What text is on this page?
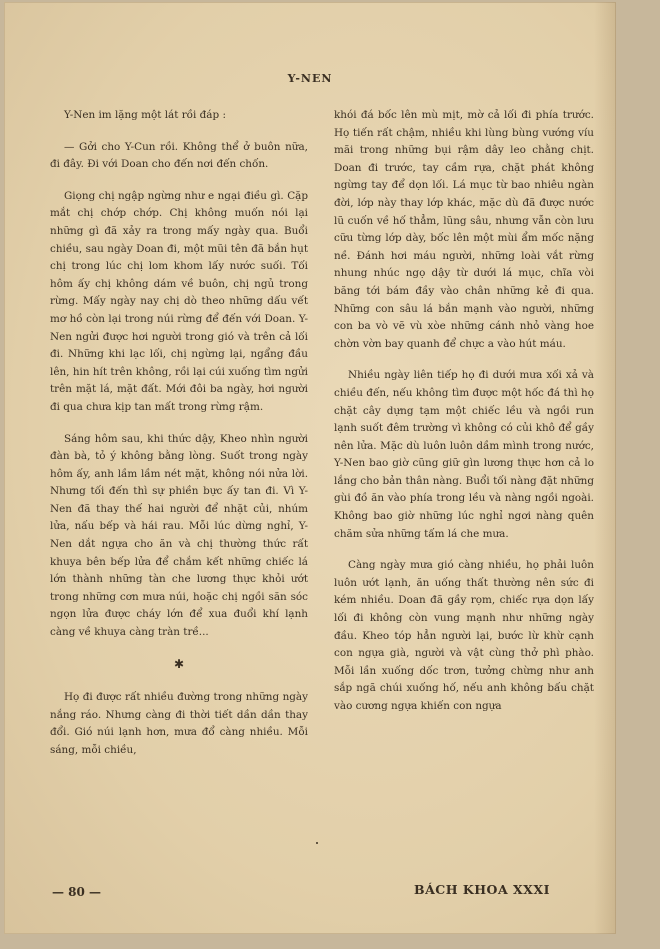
Y-NEN

Y-Nen im lặng một lát rồi đáp :

— Gởi cho Y-Cun rồi. Không thể ở buôn nữa, đi đây. Đi với Doan cho đến nơi đến chốn.

Giọng chị ngập ngừng như e ngại điều gì. Cặp mắt chị chớp chớp. Chị không muốn nói lại những gì đã xảy ra trong mấy ngày qua. Buổi chiều, sau ngày Doan đi, một mũi tên đã bắn hụt chị trong lúc chị lom khom lấy nước suối. Tối hôm ấy chị không dám về buôn, chị ngủ trong rừng. Mấy ngày nay chị dò theo những dấu vết mơ hồ còn lại trong núi rừng để đến với Doan. Y-Nen ngửi được hơi người trong gió và trên cả lối đi. Những khi lạc lối, chị ngừng lại, ngẩng đầu lên, hin hít trên không, rồi lại cúi xuống tìm ngửi trên mặt lá, mặt đất. Mới đôi ba ngày, hơi người đi qua chưa kịp tan mất trong rừng rậm.

Sáng hôm sau, khi thức dậy, Kheo nhìn người đàn bà, tỏ ý không bằng lòng. Suốt trong ngày hôm ấy, anh lầm lầm nét mặt, không nói nửa lời. Nhưng tối đến thì sự phiền bực ấy tan đi. Vì Y-Nen đã thay thế hai người để nhặt củi, nhúm lửa, nấu bếp và hái rau. Mỗi lúc dừng nghỉ, Y-Nen dắt ngựa cho ăn và chị thường thức rất khuya bên bếp lửa để chắm kết những chiếc lá lớn thành những tàn che lương thực khỏi ướt trong những cơn mưa núi, hoặc chị ngồi săn sóc ngọn lửa được cháy lớn để xua đuổi khí lạnh càng về khuya càng tràn trề...

✱

Họ đi được rất nhiều đường trong những ngày nắng ráo. Nhưng càng đi thời tiết dần dần thay đổi. Gió núi lạnh hơn, mưa đổ càng nhiều. Mỗi sáng, mỗi chiều,

khói đá bốc lên mù mịt, mờ cả lối đi phía trước. Họ tiến rất chậm, nhiều khi lùng bùng vướng víu mãi trong những bụi rậm dây leo chằng chịt. Doan đi trước, tay cầm rựa, chặt phát không ngừng tay để dọn lối. Lá mục từ bao nhiêu ngàn đời, lớp này thay lớp khác, mặc dù đã được nước lũ cuốn về hố thẳm, lũng sâu, nhưng vẫn còn lưu cữu từng lớp dày, bốc lên một mùi ẩm mốc nặng nề. Đánh hơi máu người, những loài vắt rừng nhung nhúc ngọ dậy từ dưới lá mục, chĩa vòi băng tới bám đầy vào chân những kẻ đi qua. Những con sâu lá bắn mạnh vào người, những con ba vò vẽ vù xòe những cánh nhỏ vàng hoe chờn vờn bay quanh để chực a vào hút máu.

Nhiều ngày liên tiếp họ đi dưới mưa xối xả và chiều đến, nếu không tìm được một hốc đá thì họ chặt cây dựng tạm một chiếc lều và ngồi run lạnh suốt đêm trường vì không có củi khô để gầy nên lửa. Mặc dù luôn luôn dầm mình trong nước, Y-Nen bao giờ cũng giữ gìn lương thực hơn cả lo lắng cho bản thân nàng. Buổi tối nàng đặt những gùi đồ ăn vào phía trong lều và nàng ngồi ngoài. Không bao giờ những lúc nghỉ ngơi nàng quên chăm sửa những tấm lá che mưa.

Càng ngày mưa gió càng nhiều, họ phải luôn luôn ướt lạnh, ăn uống thất thường nên sức đi kém nhiều. Doan đã gầy rọm, chiếc rựa dọn lấy lối đi không còn vung mạnh như những ngày đầu. Kheo tóp hẳn người lại, bước lừ khừ cạnh con ngựa già, người và vật cùng thở phì phào. Mỗi lần xuống dốc trơn, tưởng chừng như anh sắp ngã chúi xuống hố, nếu anh không bấu chặt vào cương ngựa khiến con ngựa

— 80 —	BÁCH KHOA XXXI
